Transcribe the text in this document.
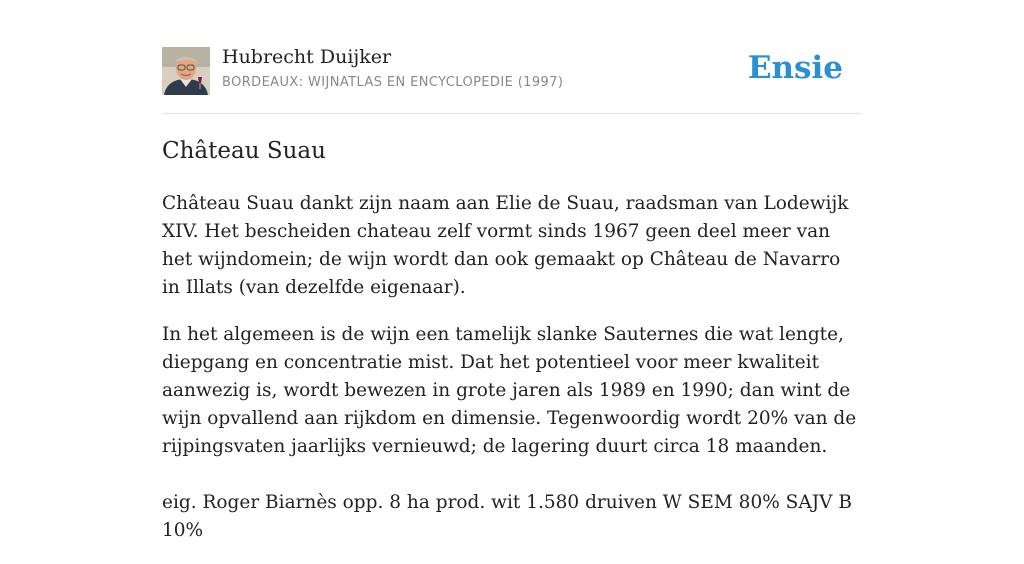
Hubrecht Duijker
BORDEAUX: WIJNATLAS EN ENCYCLOPEDIE (1997)	Ensie
Château Suau

Château Suau dankt zijn naam aan Elie de Suau, raadsman van Lodewijk XIV. Het bescheiden chateau zelf vormt sinds 1967 geen deel meer van het wijndomein; de wijn wordt dan ook gemaakt op Château de Navarro in Illats (van dezelfde eigenaar).

In het algemeen is de wijn een tamelijk slanke Sauternes die wat lengte, diepgang en concentratie mist. Dat het potentieel voor meer kwaliteit aanwezig is, wordt bewezen in grote jaren als 1989 en 1990; dan wint de wijn opvallend aan rijkdom en dimensie. Tegenwoordig wordt 20% van de rijpingsvaten jaarlijks vernieuwd; de lagering duurt circa 18 maanden.

eig. Roger Biarnès opp. 8 ha prod. wit 1.580 druiven W SEM 80% SAJV B 10%
